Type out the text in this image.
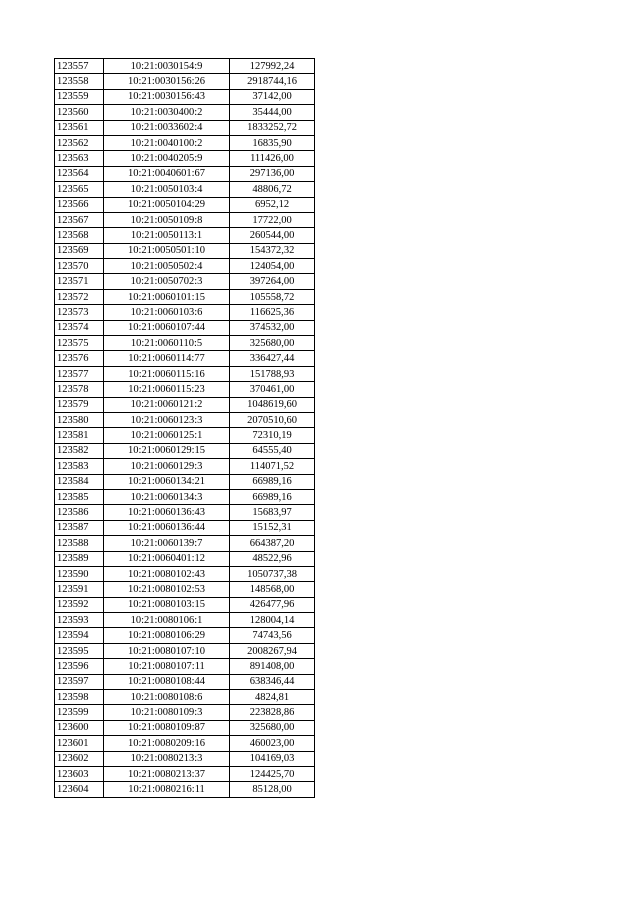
123557	10:21:0030154:9	127992,24
123558	10:21:0030156:26	2918744,16
123559	10:21:0030156:43	37142,00
123560	10:21:0030400:2	35444,00
123561	10:21:0033602:4	1833252,72
123562	10:21:0040100:2	16835,90
123563	10:21:0040205:9	111426,00
123564	10:21:0040601:67	297136,00
123565	10:21:0050103:4	48806,72
123566	10:21:0050104:29	6952,12
123567	10:21:0050109:8	17722,00
123568	10:21:0050113:1	260544,00
123569	10:21:0050501:10	154372,32
123570	10:21:0050502:4	124054,00
123571	10:21:0050702:3	397264,00
123572	10:21:0060101:15	105558,72
123573	10:21:0060103:6	116625,36
123574	10:21:0060107:44	374532,00
123575	10:21:0060110:5	325680,00
123576	10:21:0060114:77	336427,44
123577	10:21:0060115:16	151788,93
123578	10:21:0060115:23	370461,00
123579	10:21:0060121:2	1048619,60
123580	10:21:0060123:3	2070510,60
123581	10:21:0060125:1	72310,19
123582	10:21:0060129:15	64555,40
123583	10:21:0060129:3	114071,52
123584	10:21:0060134:21	66989,16
123585	10:21:0060134:3	66989,16
123586	10:21:0060136:43	15683,97
123587	10:21:0060136:44	15152,31
123588	10:21:0060139:7	664387,20
123589	10:21:0060401:12	48522,96
123590	10:21:0080102:43	1050737,38
123591	10:21:0080102:53	148568,00
123592	10:21:0080103:15	426477,96
123593	10:21:0080106:1	128004,14
123594	10:21:0080106:29	74743,56
123595	10:21:0080107:10	2008267,94
123596	10:21:0080107:11	891408,00
123597	10:21:0080108:44	638346,44
123598	10:21:0080108:6	4824,81
123599	10:21:0080109:3	223828,86
123600	10:21:0080109:87	325680,00
123601	10:21:0080209:16	460023,00
123602	10:21:0080213:3	104169,03
123603	10:21:0080213:37	124425,70
123604	10:21:0080216:11	85128,00
